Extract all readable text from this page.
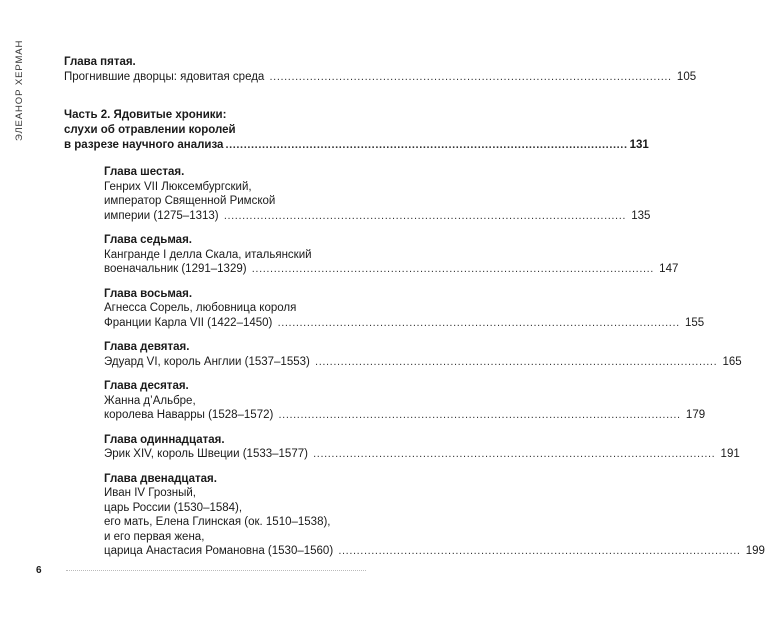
ЭЛЕАНОР ХЕРМАН	Глава пятая.
Прогнившие дворцы: ядовитая среда .....	105
Часть 2. Ядовитые хроники:
слухи об отравлении королей
в разрезе научного анализа .....	131
Глава шестая.
Генрих VII Люксембургский,
император Священной Римской
империи (1275–1313) .....	135
Глава седьмая.
Кангранде I делла Скала, итальянский
военачальник (1291–1329) .....	147
Глава восьмая.
Агнесса Сорель, любовница короля
Франции Карла VII (1422–1450) .....	155
Глава девятая.
Эдуард VI, король Англии (1537–1553) .....	165
Глава десятая.
Жанна д’Альбре,
королева Наварры (1528–1572) .....	179
Глава одиннадцатая.
Эрик XIV, король Швеции (1533–1577) .....	191
Глава двенадцатая.
Иван IV Грозный,
царь России (1530–1584),
его мать, Елена Глинская (ок. 1510–1538),
и его первая жена,
царица Анастасия Романовна (1530–1560) .....	199
6
